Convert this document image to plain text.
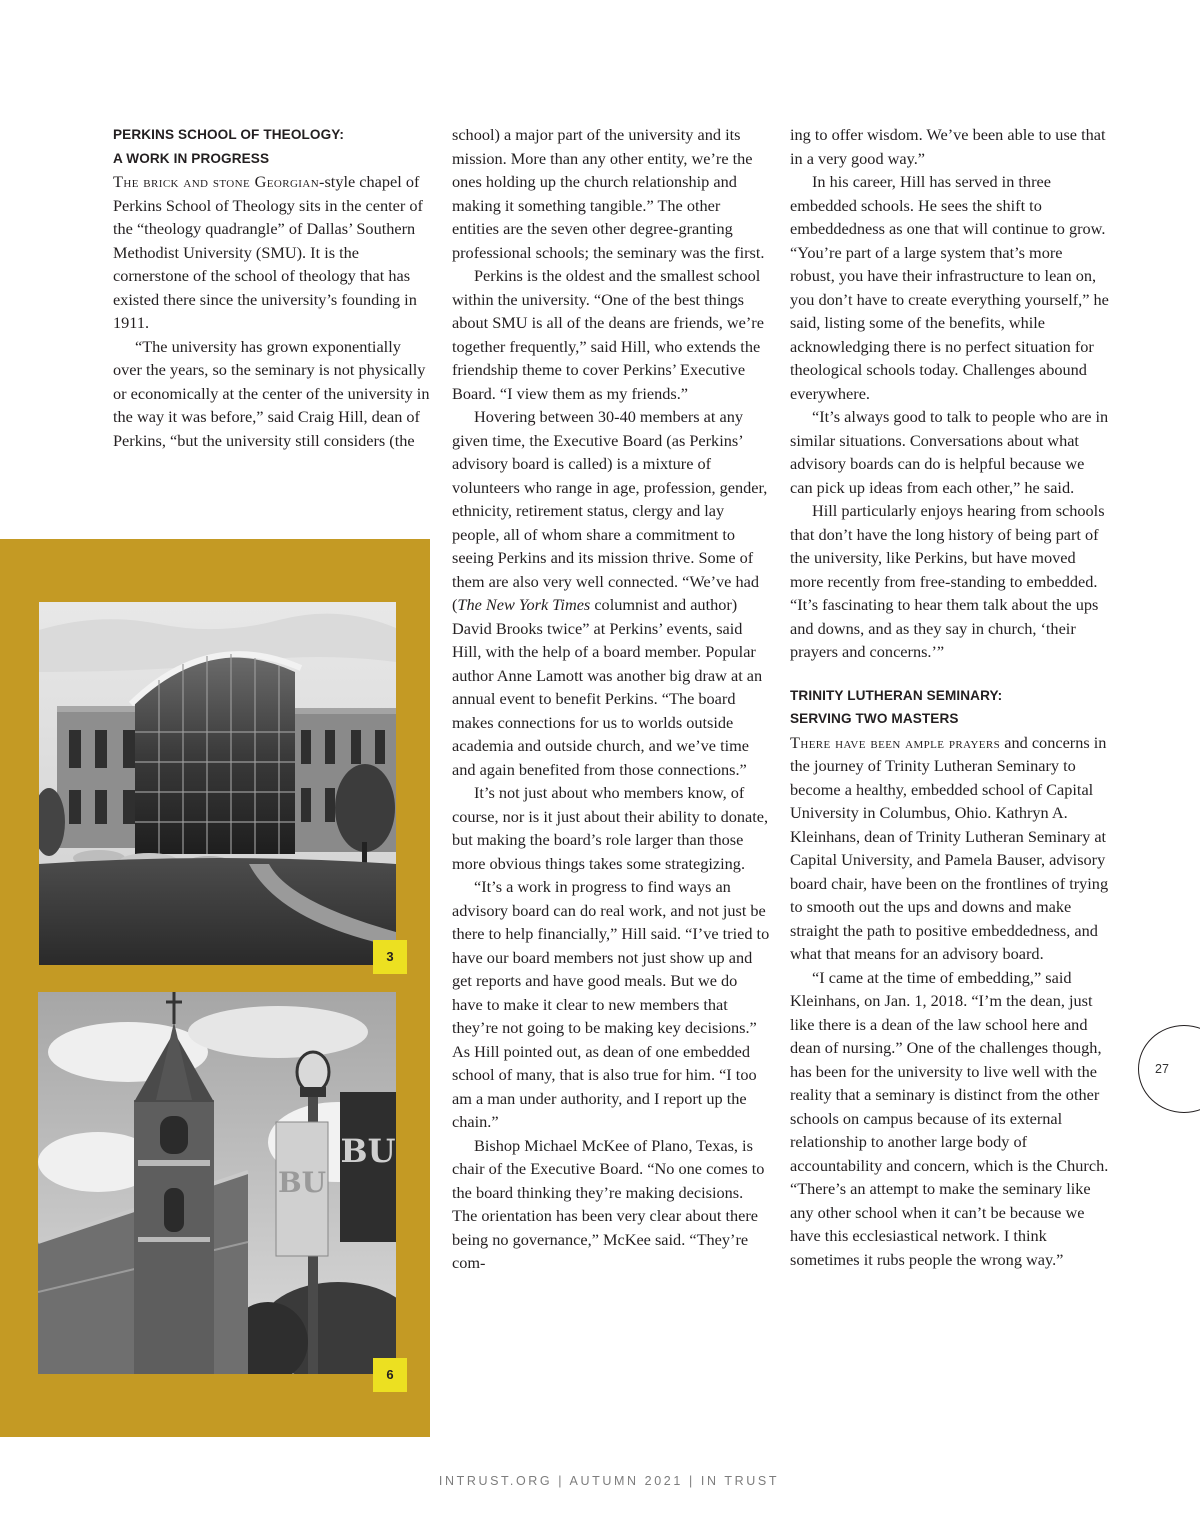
3
BU
BU
6
PERKINS SCHOOL OF THEOLOGY:
A WORK IN PROGRESS

The brick and stone Georgian-style chapel of Perkins School of Theology sits in the center of the “theology quadrangle” of Dallas’ Southern Methodist University (SMU). It is the cornerstone of the school of theology that has existed there since the university’s founding in 1911.

“The university has grown exponentially over the years, so the seminary is not physically or economically at the center of the university in the way it was before,” said Craig Hill, dean of Perkins, “but the university still considers (the

school) a major part of the university and its mission. More than any other entity, we’re the ones holding up the church relationship and making it something tangible.” The other entities are the seven other degree-granting professional schools; the seminary was the first.

Perkins is the oldest and the smallest school within the university. “One of the best things about SMU is all of the deans are friends, we’re together frequently,” said Hill, who extends the friendship theme to cover Perkins’ Executive Board. “I view them as my friends.”

Hovering between 30-40 members at any given time, the Executive Board (as Perkins’ advisory board is called) is a mixture of volunteers who range in age, profession, gender, ethnicity, retirement status, clergy and lay people, all of whom share a commitment to seeing Perkins and its mission thrive. Some of them are also very well connected. “We’ve had (The New York Times columnist and author) David Brooks twice” at Perkins’ events, said Hill, with the help of a board member. Popular author Anne Lamott was another big draw at an annual event to benefit Perkins. “The board makes connections for us to worlds outside academia and outside church, and we’ve time and again benefited from those connections.”

It’s not just about who members know, of course, nor is it just about their ability to donate, but making the board’s role larger than those more obvious things takes some strategizing.

“It’s a work in progress to find ways an advisory board can do real work, and not just be there to help financially,” Hill said. “I’ve tried to have our board members not just show up and get reports and have good meals. But we do have to make it clear to new members that they’re not going to be making key decisions.” As Hill pointed out, as dean of one embedded school of many, that is also true for him. “I too am a man under authority, and I report up the chain.”

Bishop Michael McKee of Plano, Texas, is chair of the Executive Board. “No one comes to the board thinking they’re making decisions. The orientation has been very clear about there being no governance,” McKee said. “They’re com-

ing to offer wisdom. We’ve been able to use that in a very good way.”

In his career, Hill has served in three embedded schools. He sees the shift to embeddedness as one that will continue to grow. “You’re part of a large system that’s more robust, you have their infrastructure to lean on, you don’t have to create everything yourself,” he said, listing some of the benefits, while acknowledging there is no perfect situation for theological schools today. Challenges abound everywhere.

“It’s always good to talk to people who are in similar situations. Conversations about what advisory boards can do is helpful because we can pick up ideas from each other,” he said.

Hill particularly enjoys hearing from schools that don’t have the long history of being part of the university, like Perkins, but have moved more recently from free-standing to embedded. “It’s fascinating to hear them talk about the ups and downs, and as they say in church, ‘their prayers and concerns.’”

TRINITY LUTHERAN SEMINARY:
SERVING TWO MASTERS

There have been ample prayers and concerns in the journey of Trinity Lutheran Seminary to become a healthy, embedded school of Capital University in Columbus, Ohio. Kathryn A. Kleinhans, dean of Trinity Lutheran Seminary at Capital University, and Pamela Bauser, advisory board chair, have been on the frontlines of trying to smooth out the ups and downs and make straight the path to positive embeddedness, and what that means for an advisory board.

“I came at the time of embedding,” said Kleinhans, on Jan. 1, 2018. “I’m the dean, just like there is a dean of the law school here and dean of nursing.” One of the challenges though, has been for the university to live well with the reality that a seminary is distinct from the other schools on campus because of its external relationship to another large body of accountability and concern, which is the Church. “There’s an attempt to make the seminary like any other school when it can’t be because we have this ecclesiastical network. I think sometimes it rubs people the wrong way.”

27
INTRUST.ORG | AUTUMN 2021 | IN TRUST
